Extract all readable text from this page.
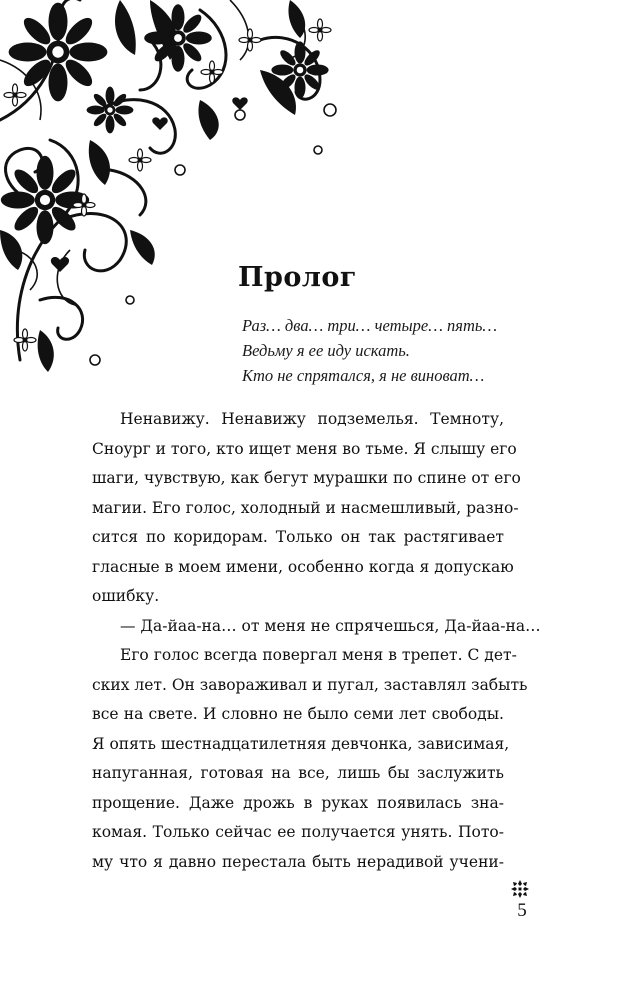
Пролог
Раз… два… три… четыре… пять…
Ведьму я ее иду искать.
Кто не спрятался, я не виноват…
Ненавижу. Ненавижу подземелья. Темноту,
Сноург и того, кто ищет меня во тьме. Я слышу его
шаги, чувствую, как бегут мурашки по спине от его
магии. Его голос, холодный и насмешливый, разно-
сится по коридорам. Только он так растягивает
гласные в моем имени, особенно когда я допускаю
ошибку.
— Да-йаа-на… от меня не спрячешься, Да-йаа-на…
Его голос всегда повергал меня в трепет. С дет-
ских лет. Он завораживал и пугал, заставлял забыть
все на свете. И словно не было семи лет свободы.
Я опять шестнадцатилетняя девчонка, зависимая,
напуганная, готовая на все, лишь бы заслужить
прощение. Даже дрожь в руках появилась зна-
комая. Только сейчас ее получается унять. Пото-
му что я давно перестала быть нерадивой учени-
5
